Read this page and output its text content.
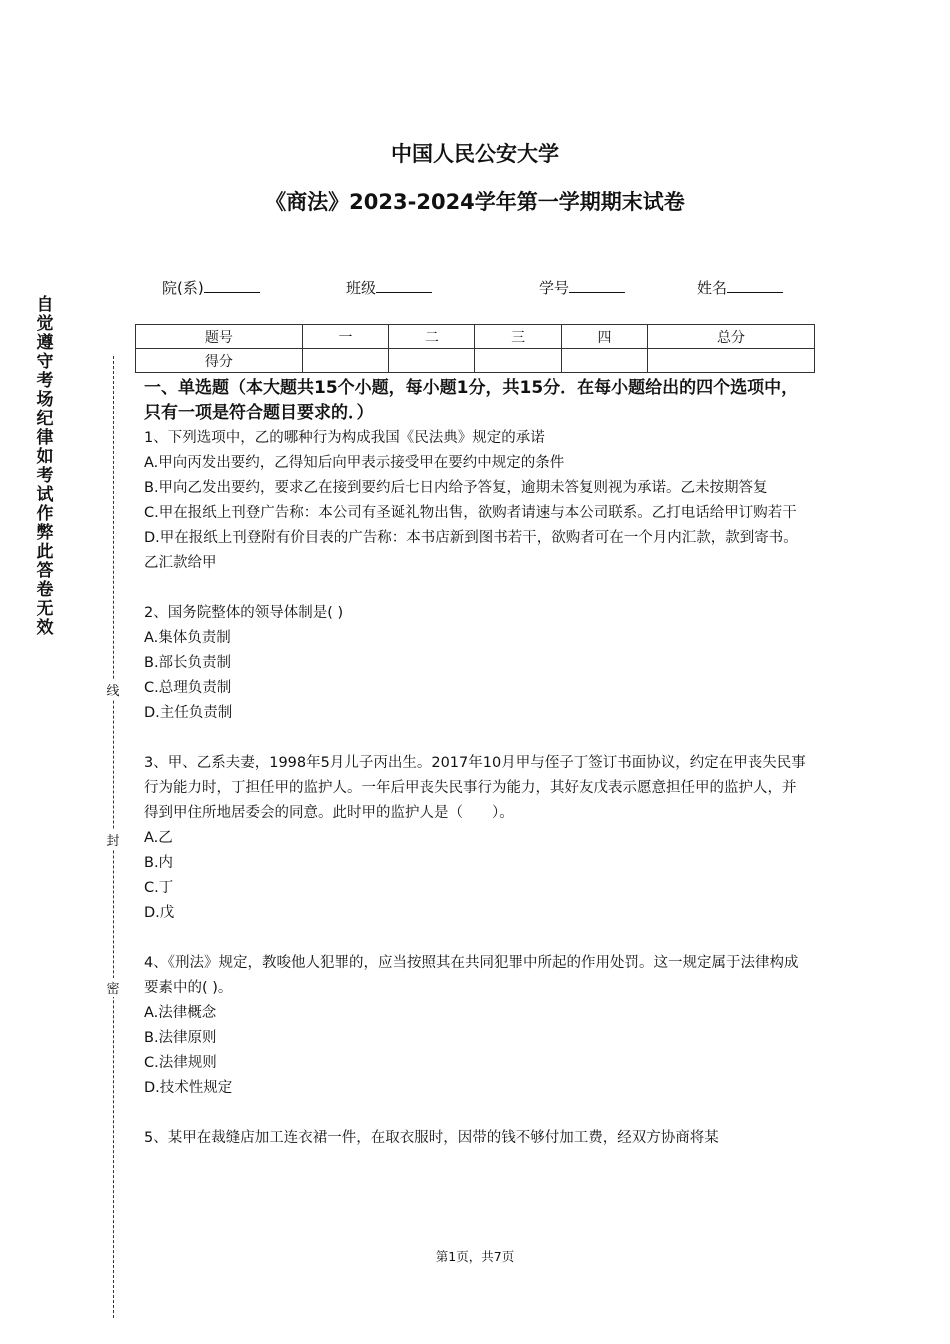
中国人民公安大学
《商法》2023-2024学年第一学期期末试卷
院(系)	班级	学号	姓名
题号	一	二	三	四	总分
得分					
自觉遵守考场纪律如考试作弊此答卷无效
线
封
密
一、单选题（本大题共15个小题，每小题1分，共15分．在每小题给出的四个选项中，只有一项是符合题目要求的．）

1、下列选项中，乙的哪种行为构成我国《民法典》规定的承诺

A.甲向丙发出要约，乙得知后向甲表示接受甲在要约中规定的条件

B.甲向乙发出要约，要求乙在接到要约后七日内给予答复，逾期未答复则视为承诺。乙未按期答复

C.甲在报纸上刊登广告称：本公司有圣诞礼物出售，欲购者请速与本公司联系。乙打电话给甲订购若干

D.甲在报纸上刊登附有价目表的广告称：本书店新到图书若干，欲购者可在一个月内汇款，款到寄书。乙汇款给甲

2、国务院整体的领导体制是( )

A.集体负责制

B.部长负责制

C.总理负责制

D.主任负责制

3、甲、乙系夫妻，1998年5月儿子丙出生。2017年10月甲与侄子丁签订书面协议，约定在甲丧失民事行为能力时，丁担任甲的监护人。一年后甲丧失民事行为能力，其好友戊表示愿意担任甲的监护人，并得到甲住所地居委会的同意。此时甲的监护人是（　　）。

A.乙

B.内

C.丁

D.戊

4、《刑法》规定，教唆他人犯罪的，应当按照其在共同犯罪中所起的作用处罚。这一规定属于法律构成要素中的( )。

A.法律概念

B.法律原则

C.法律规则

D.技术性规定

5、某甲在裁缝店加工连衣裙一件，在取衣服时，因带的钱不够付加工费，经双方协商将某

第1页，共7页
